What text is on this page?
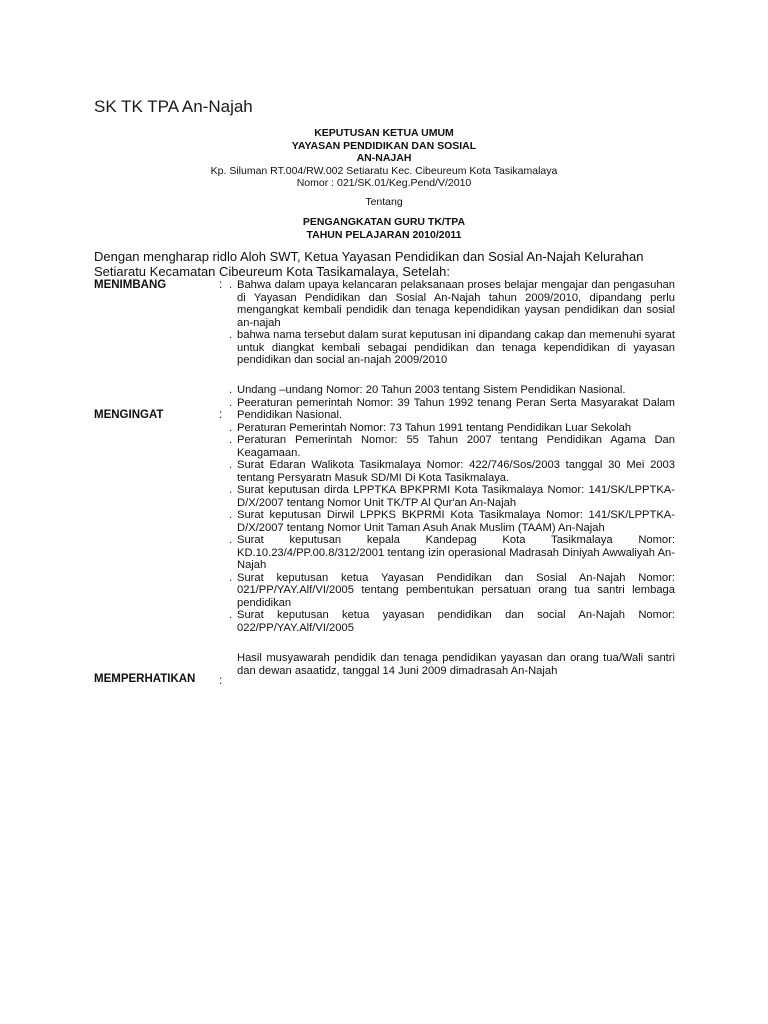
SK TK TPA An-Najah
KEPUTUSAN KETUA UMUM
YAYASAN PENDIDIKAN DAN SOSIAL
AN-NAJAH
Kp. Siluman RT.004/RW.002 Setiaratu Kec. Cibeureum Kota Tasikamalaya
Nomor : 021/SK.01/Keg.Pend/V/2010
Tentang
PENGANGKATAN GURU TK/TPA
TAHUN PELAJARAN 2010/2011
Dengan mengharap ridlo Aloh SWT, Ketua Yayasan Pendidikan dan Sosial An-Najah Kelurahan Setiaratu Kecamatan Cibeureum Kota Tasikamalaya, Setelah:
MENIMBANG	: . Bahwa dalam upaya kelancaran pelaksanaan proses belajar mengajar dan pengasuhan di Yayasan Pendidikan dan Sosial An-Najah tahun 2009/2010, dipandang perlu mengangkat kembali pendidik dan tenaga kependidikan yaysan pendidikan dan sosial an-najah
. bahwa nama tersebut dalam surat keputusan ini dipandang cakap dan memenuhi syarat untuk diangkat kembali sebagai pendidikan dan tenaga kependidikan di yayasan pendidikan dan social an-najah 2009/2010
MENGINGAT	:
. Undang –undang Nomor: 20 Tahun 2003 tentang Sistem Pendidikan Nasional.
. Peeraturan pemerintah Nomor: 39 Tahun 1992 tenang Peran Serta Masyarakat Dalam Pendidikan Nasional.
. Peraturan Pemerintah Nomor: 73 Tahun 1991 tentang Pendidikan Luar Sekolah
. Peraturan Pemerintah Nomor: 55 Tahun 2007 tentang Pendidikan Agama Dan Keagamaan.
. Surat Edaran Walikota Tasikmalaya Nomor: 422/746/Sos/2003 tanggal 30 Mei 2003 tentang Persyaratn Masuk SD/MI Di Kota Tasikmalaya.
. Surat keputusan dirda LPPTKA BPKPRMI Kota Tasikmalaya Nomor: 141/SK/LPPTKA-D/X/2007 tentang Nomor Unit TK/TP Al Qur'an An-Najah
. Surat keputusan Dirwil LPPKS BKPRMI Kota Tasikmalaya Nomor: 141/SK/LPPTKA-D/X/2007 tentang Nomor Unit Taman Asuh Anak Muslim (TAAM) An-Najah
. Surat keputusan kepala Kandepag Kota Tasikmalaya Nomor: KD.10.23/4/PP.00.8/312/2001 tentang izin operasional Madrasah Diniyah Awwaliyah An-Najah
. Surat keputusan ketua Yayasan Pendidikan dan Sosial An-Najah Nomor: 021/PP/YAY.Alf/VI/2005 tentang pembentukan persatuan orang tua santri lembaga pendidikan
. Surat keputusan ketua yayasan pendidikan dan social An-Najah Nomor: 022/PP/YAY.Alf/VI/2005
MEMPERHATIKAN :
Hasil musyawarah pendidik dan tenaga pendidikan yayasan dan orang tua/Wali santri dan dewan asaatidz, tanggal 14 Juni 2009 dimadrasah An-Najah
